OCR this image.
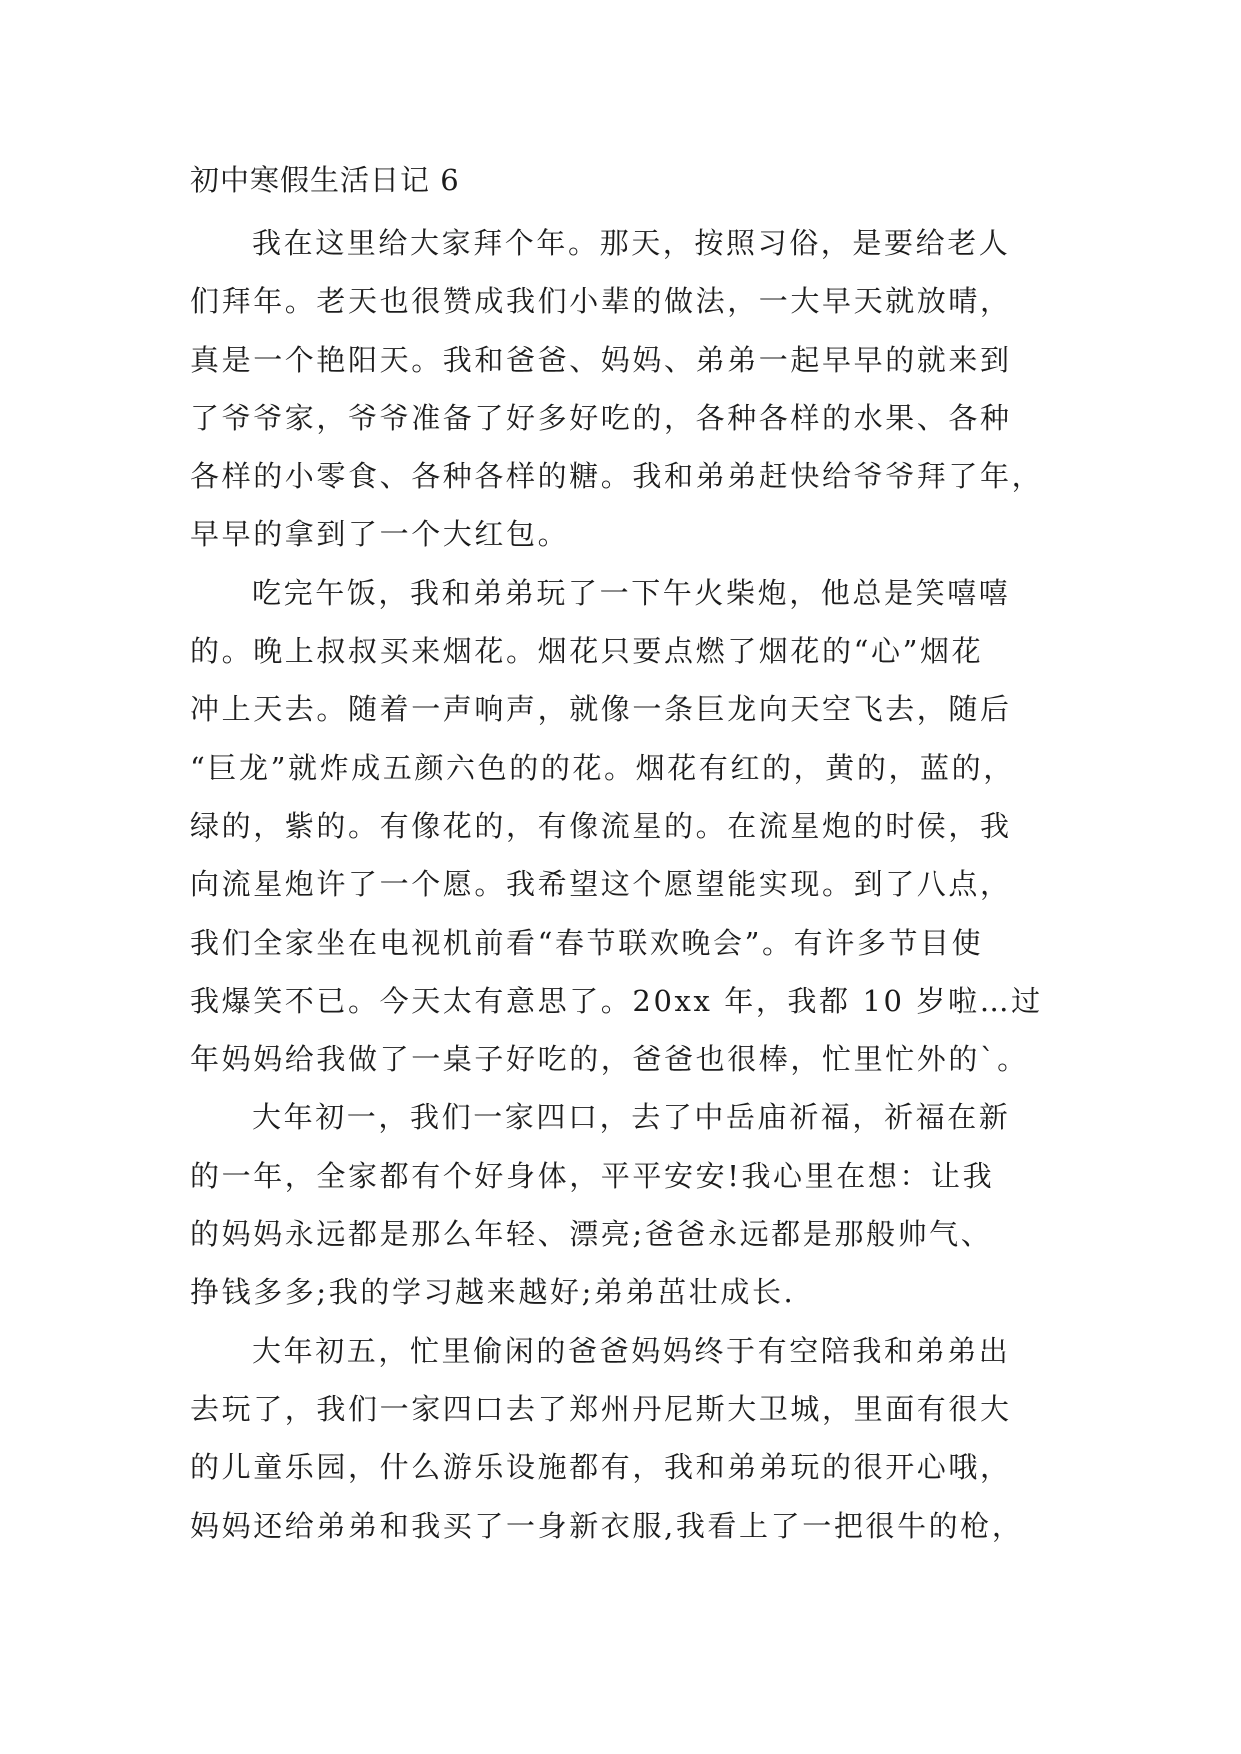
初中寒假生活日记 6
我在这里给大家拜个年。那天，按照习俗，是要给老人
们拜年。老天也很赞成我们小辈的做法，一大早天就放晴，
真是一个艳阳天。我和爸爸、妈妈、弟弟一起早早的就来到
了爷爷家，爷爷准备了好多好吃的，各种各样的水果、各种
各样的小零食、各种各样的糖。我和弟弟赶快给爷爷拜了年，
早早的拿到了一个大红包。
吃完午饭，我和弟弟玩了一下午火柴炮，他总是笑嘻嘻
的。晚上叔叔买来烟花。烟花只要点燃了烟花的“心”烟花
冲上天去。随着一声响声，就像一条巨龙向天空飞去，随后
“巨龙”就炸成五颜六色的的花。烟花有红的，黄的，蓝的，
绿的，紫的。有像花的，有像流星的。在流星炮的时侯，我
向流星炮许了一个愿。我希望这个愿望能实现。到了八点，
我们全家坐在电视机前看“春节联欢晚会”。有许多节目使
我爆笑不已。今天太有意思了。20xx 年，我都 10 岁啦…过
年妈妈给我做了一桌子好吃的，爸爸也很棒，忙里忙外的`。
大年初一，我们一家四口，去了中岳庙祈福，祈福在新
的一年，全家都有个好身体，平平安安!我心里在想：让我
的妈妈永远都是那么年轻、漂亮;爸爸永远都是那般帅气、
挣钱多多;我的学习越来越好;弟弟茁壮成长.
大年初五，忙里偷闲的爸爸妈妈终于有空陪我和弟弟出
去玩了，我们一家四口去了郑州丹尼斯大卫城，里面有很大
的儿童乐园，什么游乐设施都有，我和弟弟玩的很开心哦，
妈妈还给弟弟和我买了一身新衣服,我看上了一把很牛的枪，
